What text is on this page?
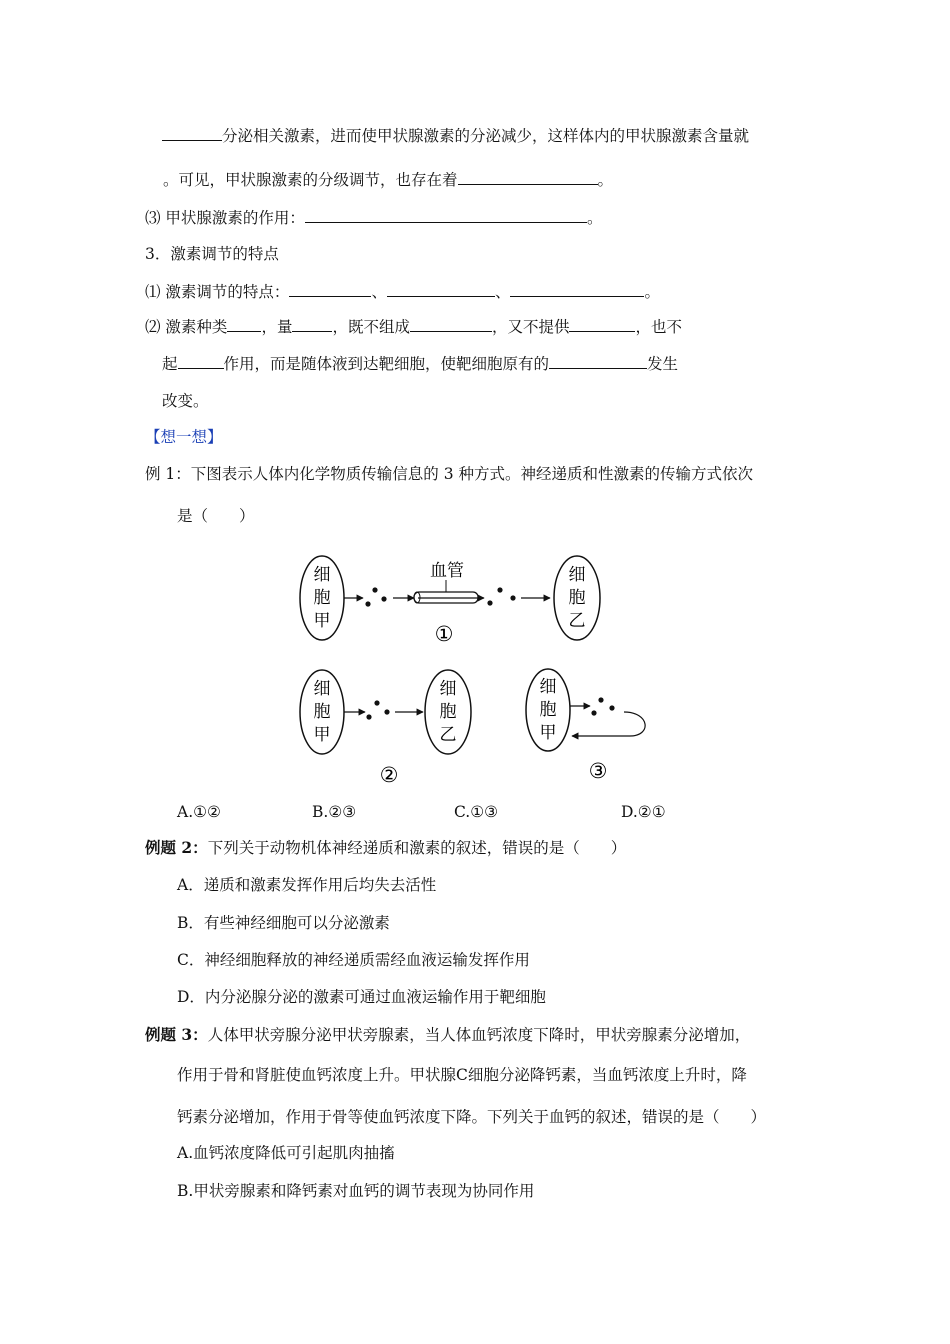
分泌相关激素，进而使甲状腺激素的分泌减少，这样体内的甲状腺激素含量就
。可见，甲状腺激素的分级调节，也存在着	。
⑶ 甲状腺激素的作用：	。
3．激素调节的特点
⑴ 激素调节的特点：	、	、	。
⑵ 激素种类 ，量	，既不组成	，又不提供	，也不
起	作用，而是随体液到达靶细胞，使靶细胞原有的	发生
改变。
【想一想】
例 1：下图表示人体内化学物质传输信息的 3 种方式。神经递质和性激素的传输方式依次
是（　　）
细
胞
甲
血管	细
胞
乙
①
细
胞
甲
细
胞
乙
②
细
胞
甲
③
A.①②	B.②③	C.①③	D.②①
例题 2：下列关于动物机体神经递质和激素的叙述，错误的是（　　）
A．递质和激素发挥作用后均失去活性
B．有些神经细胞可以分泌激素
C．神经细胞释放的神经递质需经血液运输发挥作用
D．内分泌腺分泌的激素可通过血液运输作用于靶细胞
例题 3：人体甲状旁腺分泌甲状旁腺素，当人体血钙浓度下降时，甲状旁腺素分泌增加，
作用于骨和肾脏使血钙浓度上升。甲状腺C细胞分泌降钙素，当血钙浓度上升时，降
钙素分泌增加，作用于骨等使血钙浓度下降。下列关于血钙的叙述，错误的是（　　）
A.血钙浓度降低可引起肌肉抽搐
B.甲状旁腺素和降钙素对血钙的调节表现为协同作用
